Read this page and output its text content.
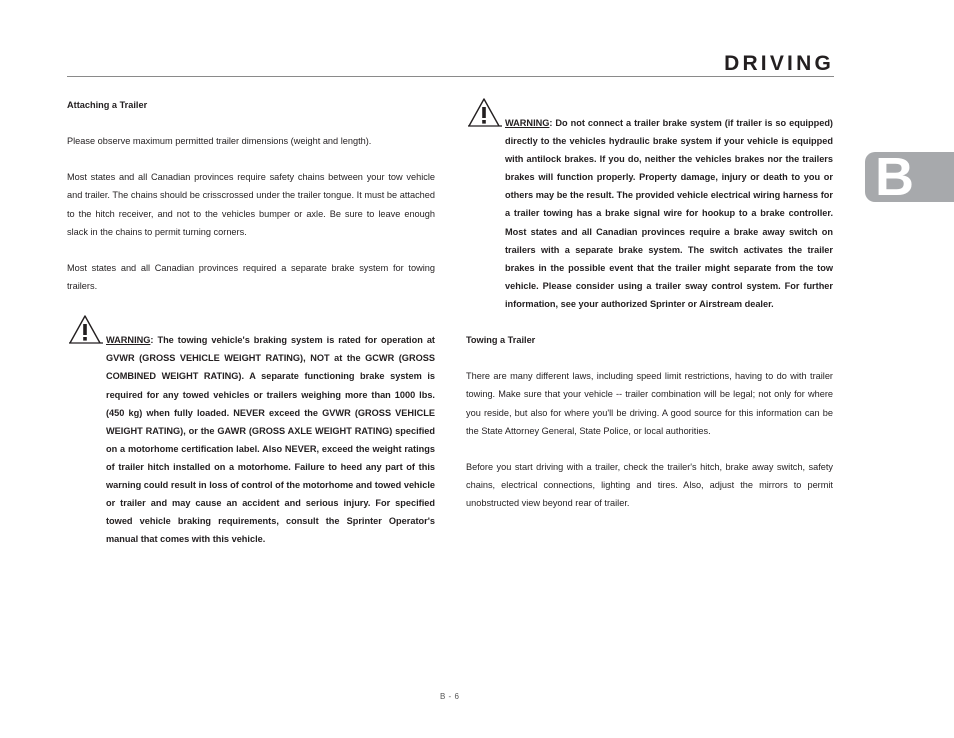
DRIVING
B
Attaching a Trailer

Please observe maximum permitted trailer dimensions (weight and length).

Most states and all Canadian provinces require safety chains between your tow vehicle and trailer. The chains should be crisscrossed under the trailer tongue. It must be attached to the hitch receiver, and not to the vehicles bumper or axle. Be sure to leave enough slack in the chains to permit turning corners.

Most states and all Canadian provinces required a separate brake system for towing trailers.

WARNING: The towing vehicle's braking system is rated for operation at GVWR (GROSS VEHICLE WEIGHT RATING), NOT at the GCWR (GROSS COMBINED WEIGHT RATING). A separate functioning brake system is required for any towed vehicles or trailers weighing more than 1000 lbs. (450 kg) when fully loaded. NEVER exceed the GVWR (GROSS VEHICLE WEIGHT RATING), or the GAWR (GROSS AXLE WEIGHT RATING) specified on a motorhome certification label. Also NEVER, exceed the weight ratings of trailer hitch installed on a motorhome. Failure to heed any part of this warning could result in loss of control of the motorhome and towed vehicle or trailer and may cause an accident and serious injury. For specified towed vehicle braking requirements, consult the Sprinter Operator's manual that comes with this vehicle.

WARNING: Do not connect a trailer brake system (if trailer is so equipped) directly to the vehicles hydraulic brake system if your vehicle is equipped with antilock brakes. If you do, neither the vehicles brakes nor the trailers brakes will function properly. Property damage, injury or death to you or others may be the result. The provided vehicle electrical wiring harness for a trailer towing has a brake signal wire for hookup to a brake controller. Most states and all Canadian provinces require a brake away switch on trailers with a separate brake system. The switch activates the trailer brakes in the possible event that the trailer might separate from the tow vehicle. Please consider using a trailer sway control system. For further information, see your authorized Sprinter or Airstream dealer.

Towing a Trailer

There are many different laws, including speed limit restrictions, having to do with trailer towing. Make sure that your vehicle -- trailer combination will be legal; not only for where you reside, but also for where you'll be driving. A good source for this information can be the State Attorney General, State Police, or local authorities.

Before you start driving with a trailer, check the trailer's hitch, brake away switch, safety chains, electrical connections, lighting and tires. Also, adjust the mirrors to permit unobstructed view beyond rear of trailer.

B - 6
